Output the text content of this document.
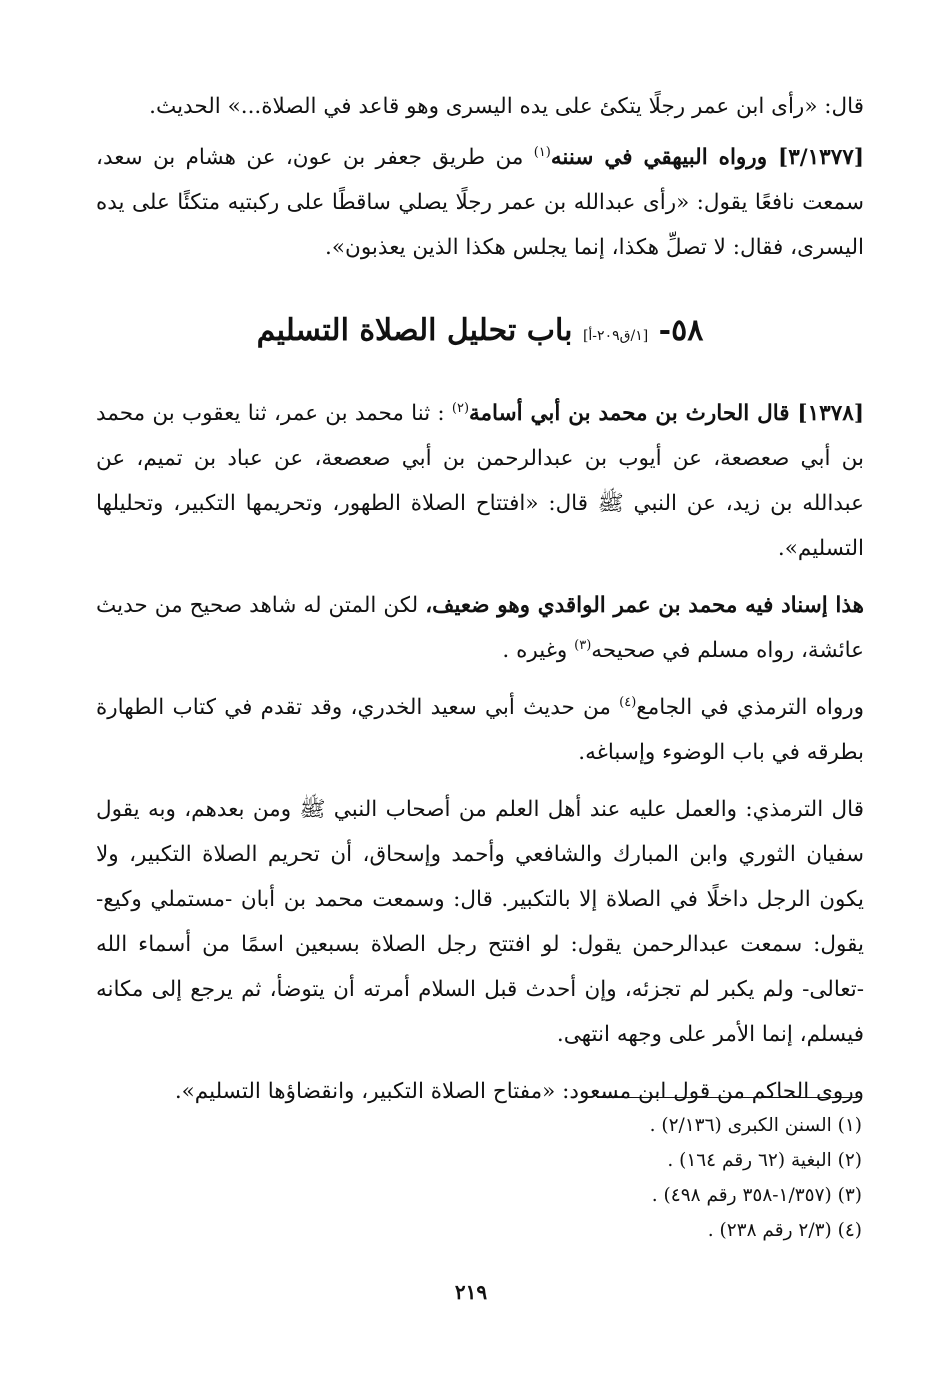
قال: «رأى ابن عمر رجلًا يتكئ على يده اليسرى وهو قاعد في الصلاة...» الحديث.

[٣/١٣٧٧] ورواه البيهقي في سننه$^{(١)}$ من طريق جعفر بن عون، عن هشام بن سعد، سمعت نافعًا يقول: «رأى عبدالله بن عمر رجلًا يصلي ساقطًا على ركبتيه متكئًا على يده اليسرى، فقال: لا تصلِّ هكذا، إنما يجلس هكذا الذين يعذبون».

٥٨- [١/ق٢٠٩-أ] باب تحليل الصلاة التسليم

[١٣٧٨] قال الحارث بن محمد بن أبي أسامة$^{(٢)}$ : ثنا محمد بن عمر، ثنا يعقوب بن محمد بن أبي صعصعة، عن أيوب بن عبدالرحمن بن أبي صعصعة، عن عباد بن تميم، عن عبدالله بن زيد، عن النبي ﷺ قال: «افتتاح الصلاة الطهور، وتحريمها التكبير، وتحليلها التسليم».

هذا إسناد فيه محمد بن عمر الواقدي وهو ضعيف، لكن المتن له شاهد صحيح من حديث عائشة، رواه مسلم في صحيحه$^{(٣)}$ وغيره .

ورواه الترمذي في الجامع$^{(٤)}$ من حديث أبي سعيد الخدري، وقد تقدم في كتاب الطهارة بطرقه في باب الوضوء وإسباغه.

قال الترمذي: والعمل عليه عند أهل العلم من أصحاب النبي ﷺ ومن بعدهم، وبه يقول سفيان الثوري وابن المبارك والشافعي وأحمد وإسحاق، أن تحريم الصلاة التكبير، ولا يكون الرجل داخلًا في الصلاة إلا بالتكبير. قال: وسمعت محمد بن أبان -مستملي وكيع- يقول: سمعت عبدالرحمن يقول: لو افتتح رجل الصلاة بسبعين اسمًا من أسماء الله -تعالى- ولم يكبر لم تجزئه، وإن أحدث قبل السلام أمرته أن يتوضأ، ثم يرجع إلى مكانه فيسلم، إنما الأمر على وجهه انتهى.

وروى الحاكم من قول ابن مسعود: «مفتاح الصلاة التكبير، وانقضاؤها التسليم».

(١) السنن الكبرى (٢/١٣٦) .

(٢) البغية (٦٢ رقم ١٦٤) .

(٣) (١/٣٥٧-٣٥٨ رقم ٤٩٨) .

(٤) (٢/٣ رقم ٢٣٨) .

٢١٩
